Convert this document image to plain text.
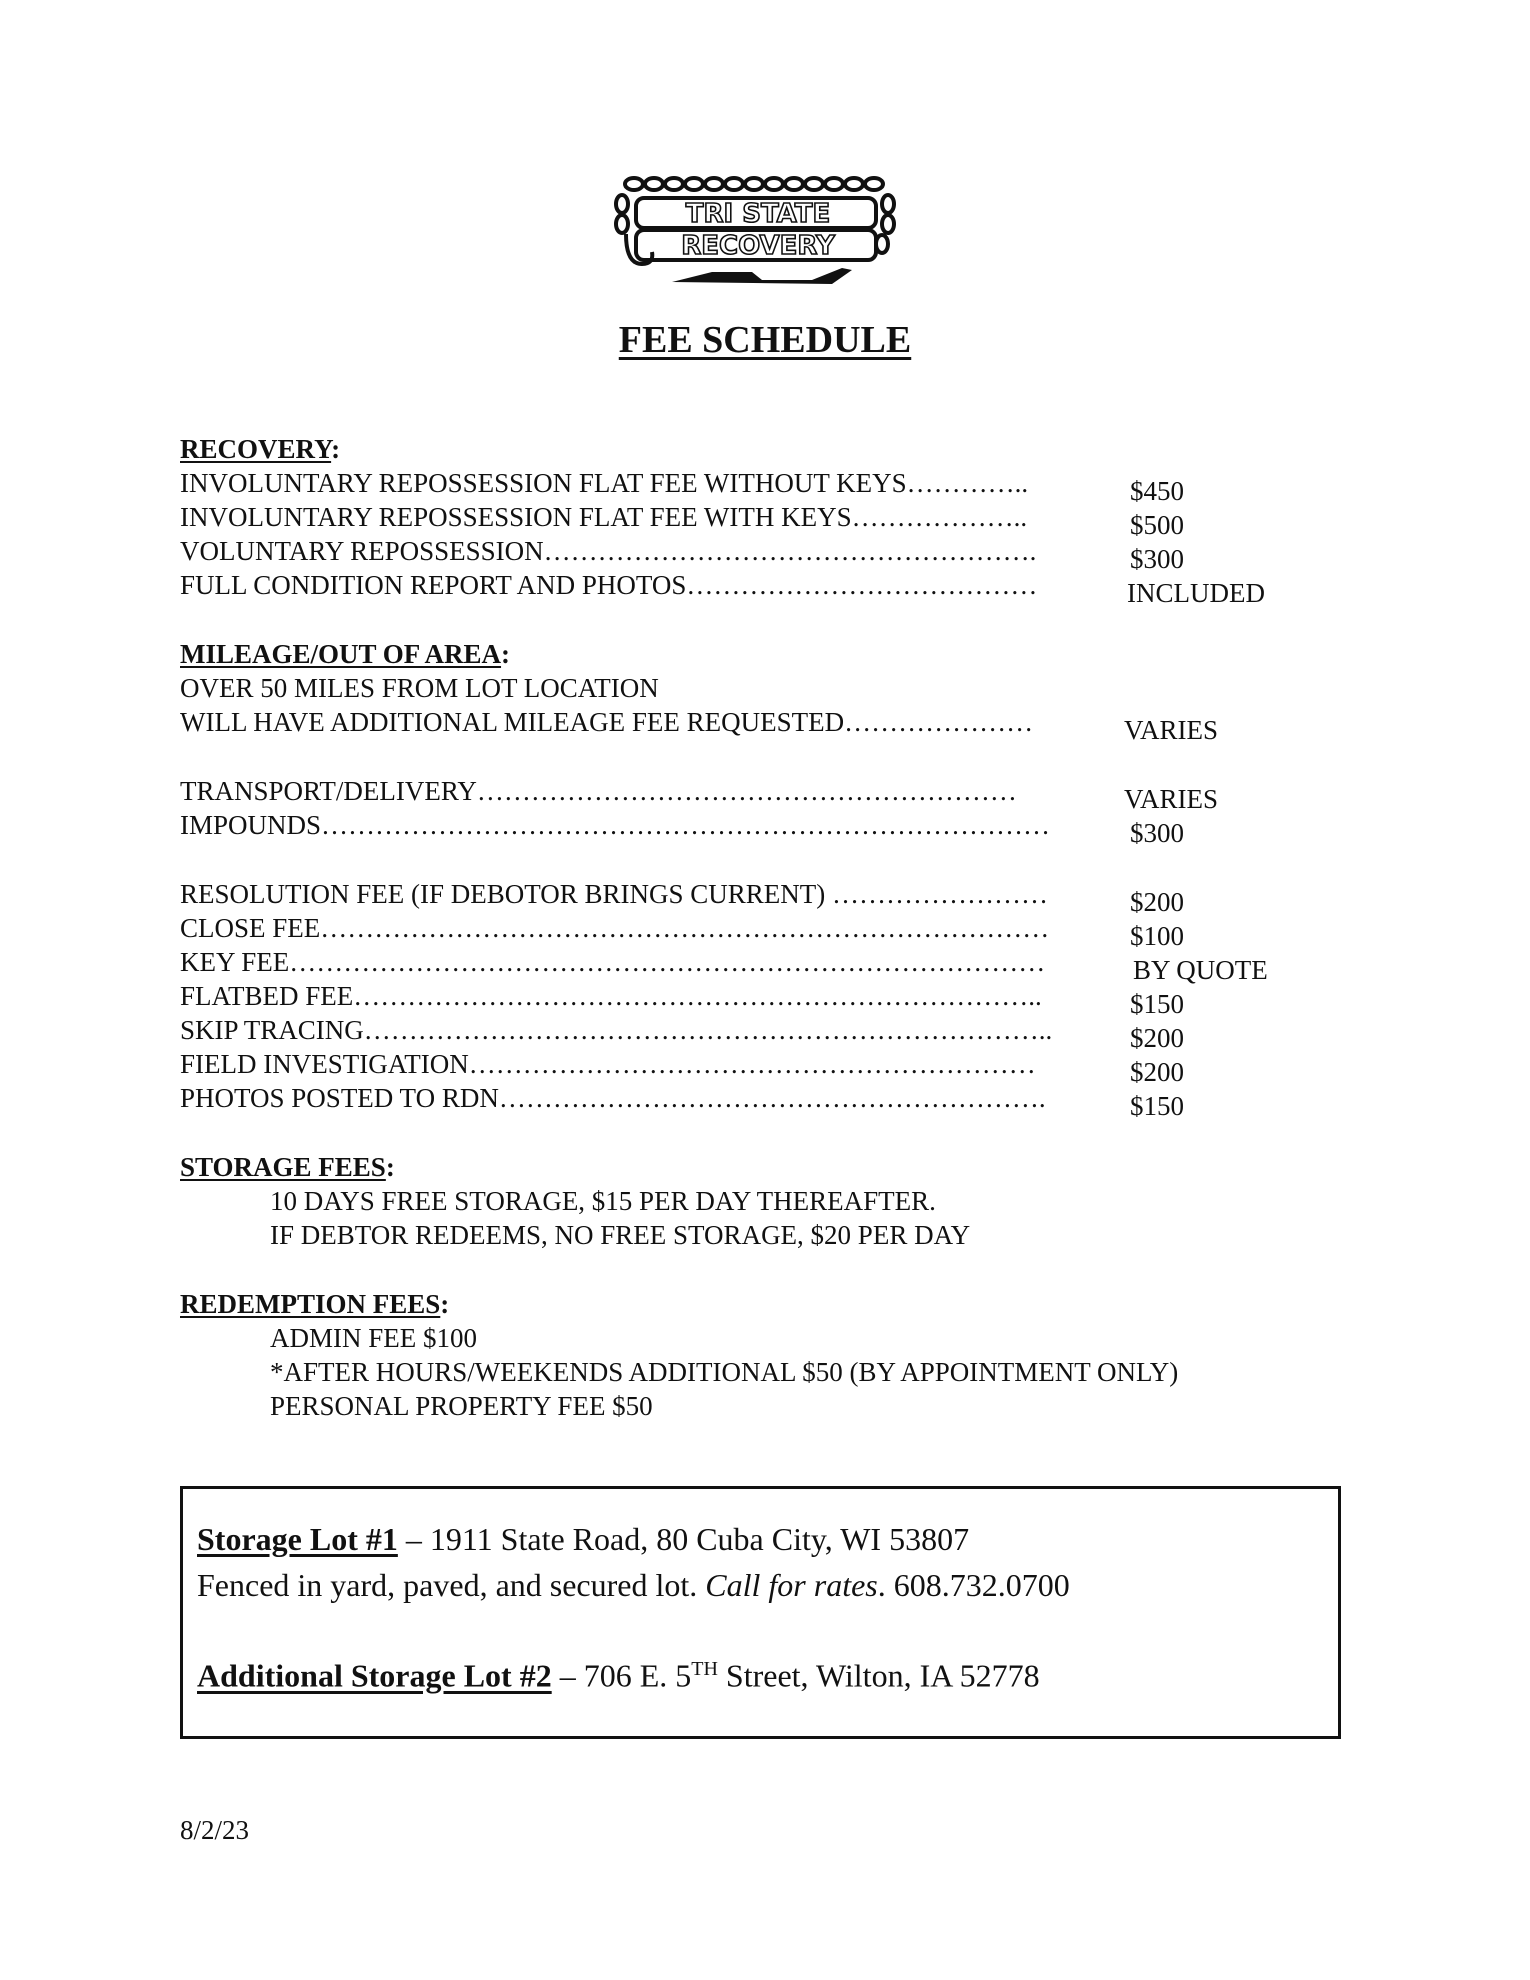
TRI STATE
RECOVERY
FEE SCHEDULE
RECOVERY:
INVOLUNTARY REPOSSESSION FLAT FEE WITHOUT KEYS…………..	$450
INVOLUNTARY REPOSSESSION FLAT FEE WITH KEYS………………..	$500
VOLUNTARY REPOSSESSION……………………………………………….	$300
FULL CONDITION REPORT AND PHOTOS…………………………………	INCLUDED
MILEAGE/OUT OF AREA:
OVER 50 MILES FROM LOT LOCATION
WILL HAVE ADDITIONAL MILEAGE FEE REQUESTED…………………	VARIES
TRANSPORT/DELIVERY……………………………………………………	VARIES
IMPOUNDS………………………………………………………………………	$300
RESOLUTION FEE (IF DEBOTOR BRINGS CURRENT) ……………………	$200
CLOSE FEE………………………………………………………………………	$100
KEY FEE…………………………………………………………………………	BY QUOTE
FLATBED FEE…………………………………………………………………..	$150
SKIP TRACING…………………………………………………………………..	$200
FIELD INVESTIGATION………………………………………………………	$200
PHOTOS POSTED TO RDN…………………………………………………….	$150
STORAGE FEES:
10 DAYS FREE STORAGE, $15 PER DAY THEREAFTER.
IF DEBTOR REDEEMS, NO FREE STORAGE, $20 PER DAY
REDEMPTION FEES:
ADMIN FEE $100
*AFTER HOURS/WEEKENDS ADDITIONAL $50 (BY APPOINTMENT ONLY)
PERSONAL PROPERTY FEE $50
Storage Lot #1 – 1911 State Road, 80 Cuba City, WI 53807
Fenced in yard, paved, and secured lot. Call for rates. 608.732.0700
Additional Storage Lot #2 – 706 E. 5TH Street, Wilton, IA 52778
8/2/23
